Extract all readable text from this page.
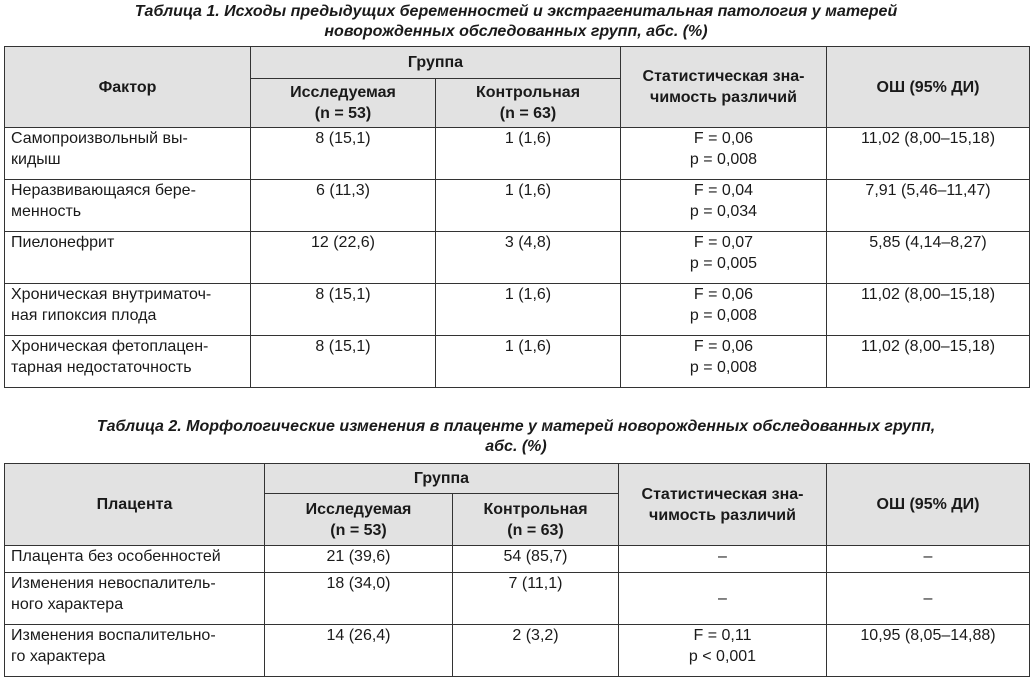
Таблица 1. Исходы предыдущих беременностей и экстрагенитальная патология у матерей
новорожденных обследованных групп, абс. (%)
Фактор	Группа		Статистическая зна-
чимость различий	ОШ (95% ДИ)

	Исследуемая
(n = 53)	Контрольная
(n = 63)		

Самопроизвольный вы-
кидыш	8 (15,1)	1 (1,6)	F = 0,06
p = 0,008	11,02 (8,00–15,18)

Неразвивающаяся бере-
менность	6 (11,3)	1 (1,6)	F = 0,04
p = 0,034	7,91 (5,46–11,47)

Пиелонефрит	12 (22,6)	3 (4,8)	F = 0,07
p = 0,005	5,85 (4,14–8,27)

Хроническая внутриматоч-
ная гипоксия плода	8 (15,1)	1 (1,6)	F = 0,06
p = 0,008	11,02 (8,00–15,18)

Хроническая фетоплацен-
тарная недостаточность	8 (15,1)	1 (1,6)	F = 0,06
p = 0,008	11,02 (8,00–15,18)
Таблица 2. Морфологические изменения в плаценте у матерей новорожденных обследованных групп,
абс. (%)
Плацента	Группа		Статистическая зна-
чимость различий	ОШ (95% ДИ)

	Исследуемая
(n = 53)	Контрольная
(n = 63)		

Плацента без особенностей	21 (39,6)	54 (85,7)	–	–

Изменения невоспалитель-
ного характера	18 (34,0)	7 (11,1)	–	–

Изменения воспалительно-
го характера	14 (26,4)	2 (3,2)	F = 0,11
p < 0,001	10,95 (8,05–14,88)
